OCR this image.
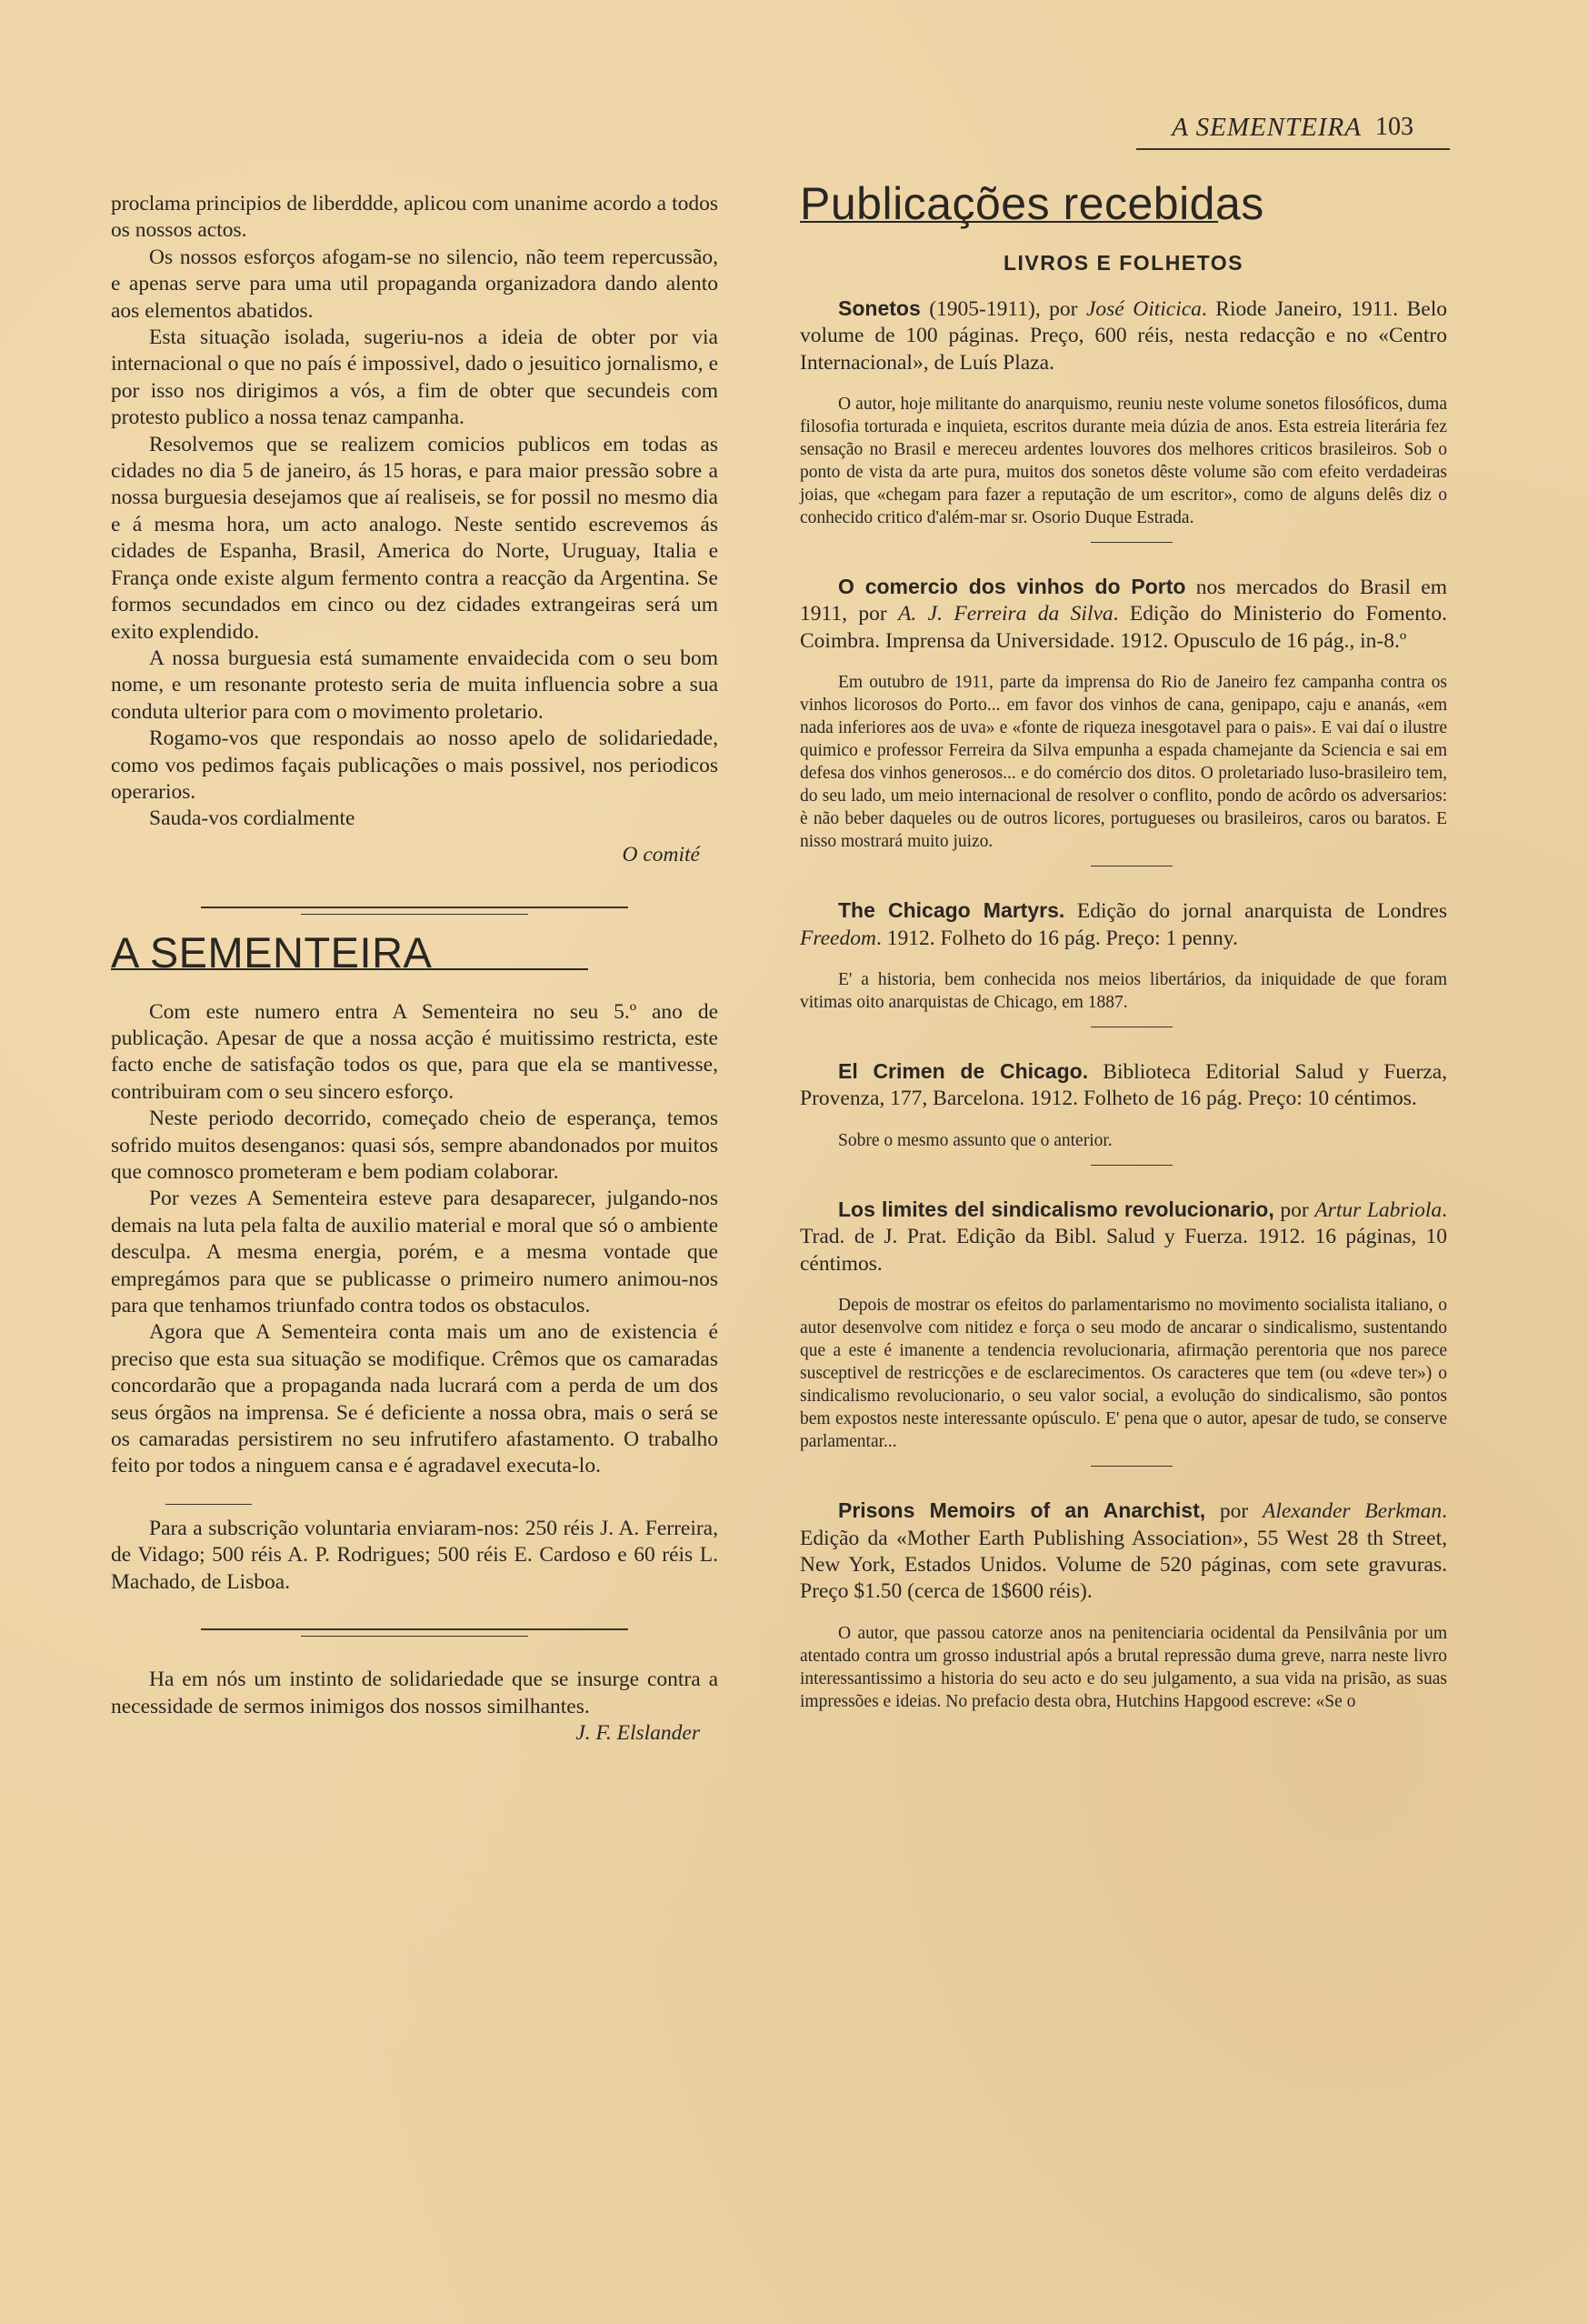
A SEMENTEIRA 103

proclama principios de liberddde, aplicou com unanime acordo a todos os nossos actos.

Os nossos esforços afogam-se no silencio, não teem repercussão, e apenas serve para uma util propaganda organizadora dando alento aos elementos abatidos.

Esta situação isolada, sugeriu-nos a ideia de obter por via internacional o que no país é impossivel, dado o jesuitico jornalismo, e por isso nos dirigimos a vós, a fim de obter que secundeis com protesto publico a nossa tenaz campanha.

Resolvemos que se realizem comicios publicos em todas as cidades no dia 5 de janeiro, ás 15 horas, e para maior pressão sobre a nossa burguesia desejamos que aí realiseis, se for possil no mesmo dia e á mesma hora, um acto analogo. Neste sentido escrevemos ás cidades de Espanha, Brasil, America do Norte, Uruguay, Italia e França onde existe algum fermento contra a reacção da Argentina. Se formos secundados em cinco ou dez cidades extrangeiras será um exito explendido.

A nossa burguesia está sumamente envaidecida com o seu bom nome, e um resonante protesto seria de muita influencia sobre a sua conduta ulterior para com o movimento proletario.

Rogamo-vos que respondais ao nosso apelo de solidariedade, como vos pedimos façais publicações o mais possivel, nos periodicos operarios.

Sauda-vos cordialmente

O comité

A SEMENTEIRA

Com este numero entra A Sementeira no seu 5.º ano de publicação. Apesar de que a nossa acção é muitissimo restricta, este facto enche de satisfação todos os que, para que ela se mantivesse, contribuiram com o seu sincero esforço.

Neste periodo decorrido, começado cheio de esperança, temos sofrido muitos desenganos: quasi sós, sempre abandonados por muitos que comnosco prometeram e bem podiam colaborar.

Por vezes A Sementeira esteve para desaparecer, julgando-nos demais na luta pela falta de auxilio material e moral que só o ambiente desculpa. A mesma energia, porém, e a mesma vontade que empregámos para que se publicasse o primeiro numero animou-nos para que tenhamos triunfado contra todos os obstaculos.

Agora que A Sementeira conta mais um ano de existencia é preciso que esta sua situação se modifique. Crêmos que os camaradas concordarão que a propaganda nada lucrará com a perda de um dos seus órgãos na imprensa. Se é deficiente a nossa obra, mais o será se os camaradas persistirem no seu infrutifero afastamento. O trabalho feito por todos a ninguem cansa e é agradavel executa-lo.

Para a subscrição voluntaria enviaram-nos: 250 réis J. A. Ferreira, de Vidago; 500 réis A. P. Rodrigues; 500 réis E. Cardoso e 60 réis L. Machado, de Lisboa.

Ha em nós um instinto de solidariedade que se insurge contra a necessidade de sermos inimigos dos nossos similhantes.

J. F. Elslander

Publicações recebidas
LIVROS E FOLHETOS

Sonetos (1905-1911), por José Oiticica. Riode Janeiro, 1911. Belo volume de 100 páginas. Preço, 600 réis, nesta redacção e no «Centro Internacional», de Luís Plaza.

O autor, hoje militante do anarquismo, reuniu neste volume sonetos filosóficos, duma filosofia torturada e inquieta, escritos durante meia dúzia de anos. Esta estreia literária fez sensação no Brasil e mereceu ardentes louvores dos melhores criticos brasileiros. Sob o ponto de vista da arte pura, muitos dos sonetos dêste volume são com efeito verdadeiras joias, que «chegam para fazer a reputação de um escritor», como de alguns delês diz o conhecido critico d'além-mar sr. Osorio Duque Estrada.

O comercio dos vinhos do Porto nos mercados do Brasil em 1911, por A. J. Ferreira da Silva. Edição do Ministerio do Fomento. Coimbra. Imprensa da Universidade. 1912. Opusculo de 16 pág., in-8.º

Em outubro de 1911, parte da imprensa do Rio de Janeiro fez campanha contra os vinhos licorosos do Porto... em favor dos vinhos de cana, genipapo, caju e ananás, «em nada inferiores aos de uva» e «fonte de riqueza inesgotavel para o pais». E vai daí o ilustre quimico e professor Ferreira da Silva empunha a espada chamejante da Sciencia e sai em defesa dos vinhos generosos... e do comércio dos ditos. O proletariado luso-brasileiro tem, do seu lado, um meio internacional de resolver o conflito, pondo de acôrdo os adversarios: è não beber daqueles ou de outros licores, portugueses ou brasileiros, caros ou baratos. E nisso mostrará muito juizo.

The Chicago Martyrs. Edição do jornal anarquista de Londres Freedom. 1912. Folheto do 16 pág. Preço: 1 penny.

E' a historia, bem conhecida nos meios libertários, da iniquidade de que foram vitimas oito anarquistas de Chicago, em 1887.

El Crimen de Chicago. Biblioteca Editorial Salud y Fuerza, Provenza, 177, Barcelona. 1912. Folheto de 16 pág. Preço: 10 céntimos.

Sobre o mesmo assunto que o anterior.

Los limites del sindicalismo revolucionario, por Artur Labriola. Trad. de J. Prat. Edição da Bibl. Salud y Fuerza. 1912. 16 páginas, 10 céntimos.

Depois de mostrar os efeitos do parlamentarismo no movimento socialista italiano, o autor desenvolve com nitidez e força o seu modo de ancarar o sindicalismo, sustentando que a este é imanente a tendencia revolucionaria, afirmação perentoria que nos parece susceptivel de restricções e de esclarecimentos. Os caracteres que tem (ou «deve ter») o sindicalismo revolucionario, o seu valor social, a evolução do sindicalismo, são pontos bem expostos neste interessante opúsculo. E' pena que o autor, apesar de tudo, se conserve parlamentar...

Prisons Memoirs of an Anarchist, por Alexander Berkman. Edição da «Mother Earth Publishing Association», 55 West 28 th Street, New York, Estados Unidos. Volume de 520 páginas, com sete gravuras. Preço $1.50 (cerca de 1$600 réis).

O autor, que passou catorze anos na penitenciaria ocidental da Pensilvânia por um atentado contra um grosso industrial após a brutal repressão duma greve, narra neste livro interessantissimo a historia do seu acto e do seu julgamento, a sua vida na prisão, as suas impressões e ideias. No prefacio desta obra, Hutchins Hapgood escreve: «Se o
